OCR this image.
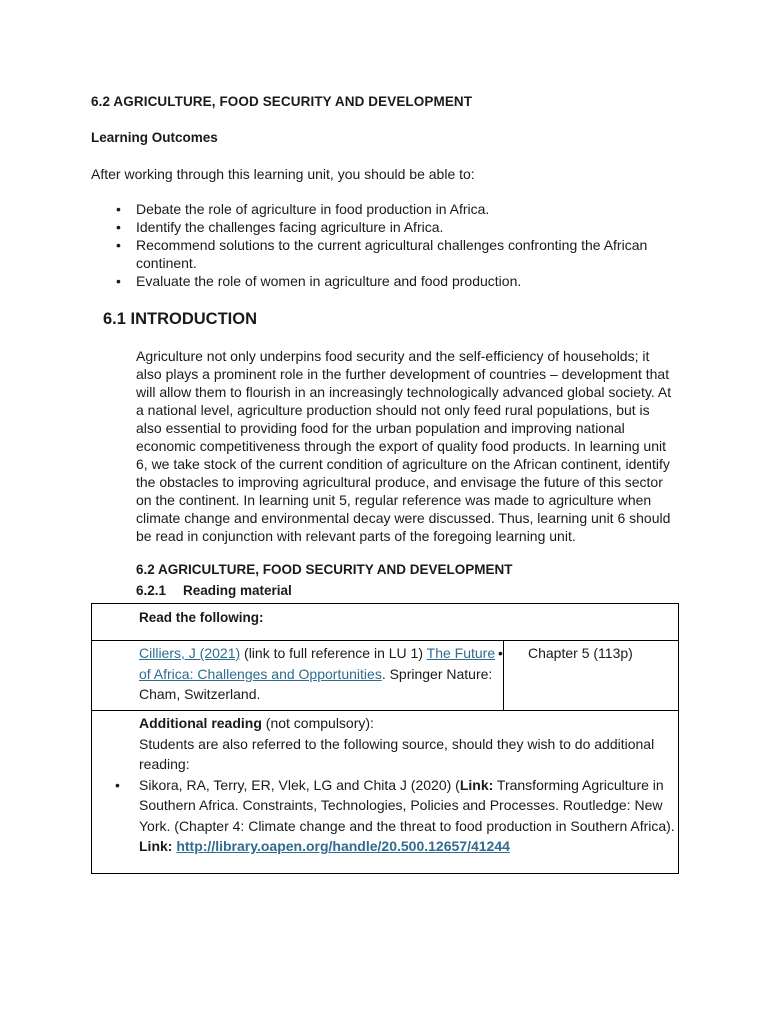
6.2 AGRICULTURE, FOOD SECURITY AND DEVELOPMENT
Learning Outcomes
After working through this learning unit, you should be able to:
• Debate the role of agriculture in food production in Africa.
• Identify the challenges facing agriculture in Africa.
• Recommend solutions to the current agricultural challenges confronting the African continent.
• Evaluate the role of women in agriculture and food production.
6.1 INTRODUCTION
Agriculture not only underpins food security and the self-efficiency of households; it also plays a prominent role in the further development of countries – development that will allow them to flourish in an increasingly technologically advanced global society. At a national level, agriculture production should not only feed rural populations, but is also essential to providing food for the urban population and improving national economic competitiveness through the export of quality food products. In learning unit 6, we take stock of the current condition of agriculture on the African continent, identify the obstacles to improving agricultural produce, and envisage the future of this sector on the continent. In learning unit 5, regular reference was made to agriculture when climate change and environmental decay were discussed. Thus, learning unit 6 should be read in conjunction with relevant parts of the foregoing learning unit.
6.2 AGRICULTURE, FOOD SECURITY AND DEVELOPMENT
6.2.1 Reading material
Read the following:
Cilliers, J (2021) (link to full reference in LU 1) The Future of Africa: Challenges and Opportunities. Springer Nature: Cham, Switzerland.
• Chapter 5 (113p)
Additional reading (not compulsory):
Students are also referred to the following source, should they wish to do additional reading:
• Sikora, RA, Terry, ER, Vlek, LG and Chita J (2020) (Link: Transforming Agriculture in Southern Africa. Constraints, Technologies, Policies and Processes. Routledge: New York. (Chapter 4: Climate change and the threat to food production in Southern Africa). Link: http://library.oapen.org/handle/20.500.12657/41244
